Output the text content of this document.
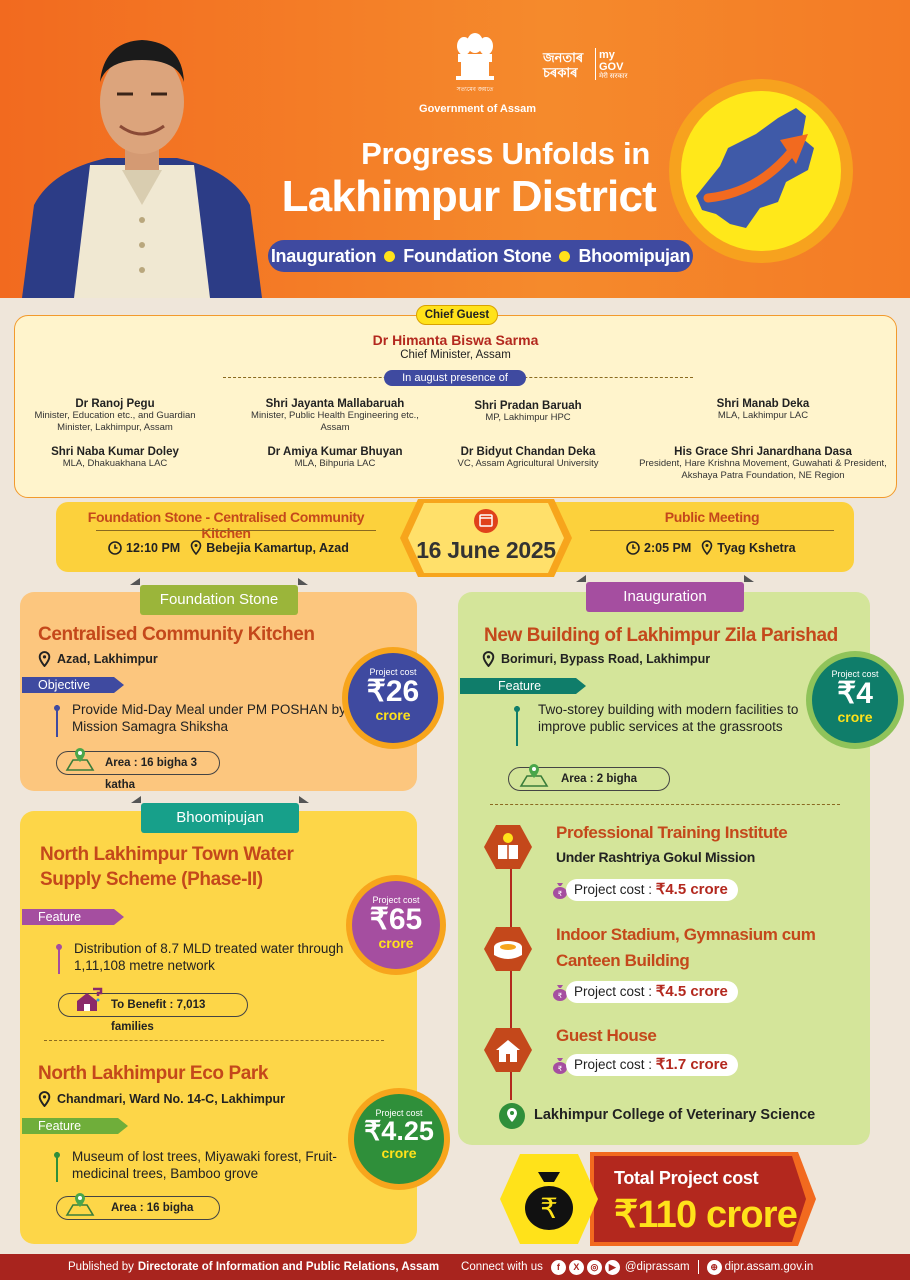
সত্যমেব জয়তে
Government of Assam
জনতাৰ
চৰকাৰ
my GOV
मेरी सरकार
Progress Unfolds in
Lakhimpur District
Inauguration Foundation Stone Bhoomipujan
Chief Guest
Dr Himanta Biswa Sarma
Chief Minister, Assam
In august presence of
Dr Ranoj Pegu
Minister, Education etc., and Guardian Minister, Lakhimpur, Assam
Shri Jayanta Mallabaruah
Minister, Public Health Engineering etc., Assam
Shri Pradan Baruah
MP, Lakhimpur HPC
Shri Manab Deka
MLA, Lakhimpur LAC
Shri Naba Kumar Doley
MLA, Dhakuakhana LAC
Dr Amiya Kumar Bhuyan
MLA, Bihpuria LAC
Dr Bidyut Chandan Deka
VC, Assam Agricultural University
His Grace Shri Janardhana Dasa
President, Hare Krishna Movement, Guwahati & President, Akshaya Patra Foundation, NE Region
Foundation Stone - Centralised Community Kitchen
12:10 PM Bebejia Kamartup, Azad	16 June 2025
Public Meeting
2:05 PM Tyag Kshetra
Foundation Stone
Centralised Community Kitchen
Azad, Lakhimpur
Objective
Provide Mid-Day Meal under PM POSHAN by Mission Samagra Shiksha
Area : 16 bigha 3 katha
Project cost
₹26
crore
Bhoomipujan
North Lakhimpur Town Water
Supply Scheme (Phase-II)
Feature
Distribution of 8.7 MLD treated water through 1,11,108 metre network
To Benefit : 7,013 families
Project cost
₹65
crore
North Lakhimpur Eco Park
Chandmari, Ward No. 14-C, Lakhimpur
Feature
Museum of lost trees, Miyawaki forest, Fruit-medicinal trees, Bamboo grove
Area : 16 bigha
Project cost
₹4.25
crore
Inauguration
New Building of Lakhimpur Zila Parishad
Borimuri, Bypass Road, Lakhimpur
Feature
Two-storey building with modern facilities to improve public services at the grassroots
Area : 2 bigha
Project cost
₹4
crore
Professional Training Institute
Under Rashtriya Gokul Mission
₹ Project cost : ₹4.5 crore
Indoor Stadium, Gymnasium cum
Canteen Building
₹ Project cost : ₹4.5 crore
Guest House
₹ Project cost : ₹1.7 crore
Lakhimpur College of Veterinary Science
₹
Total Project cost
₹110 crore
Published by Directorate of Information and Public Relations, Assam Connect with us	f	X	◎	▶ @diprassam	⊕ dipr.assam.gov.in
